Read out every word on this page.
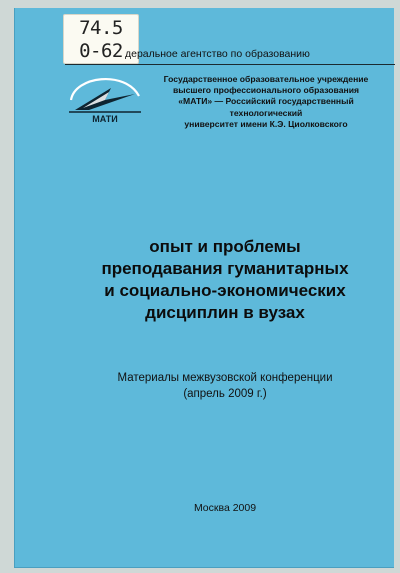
74.5
0-62 деральное агентство по образованию
МАТИ
Государственное образовательное учреждение
высшего профессионального образования
«МАТИ» — Российский государственный технологический
университет имени К.Э. Циолковского
опыт и проблемы
преподавания гуманитарных
и социально-экономических
дисциплин в вузах
Материалы межвузовской конференции
(апрель 2009 г.)
Москва 2009
